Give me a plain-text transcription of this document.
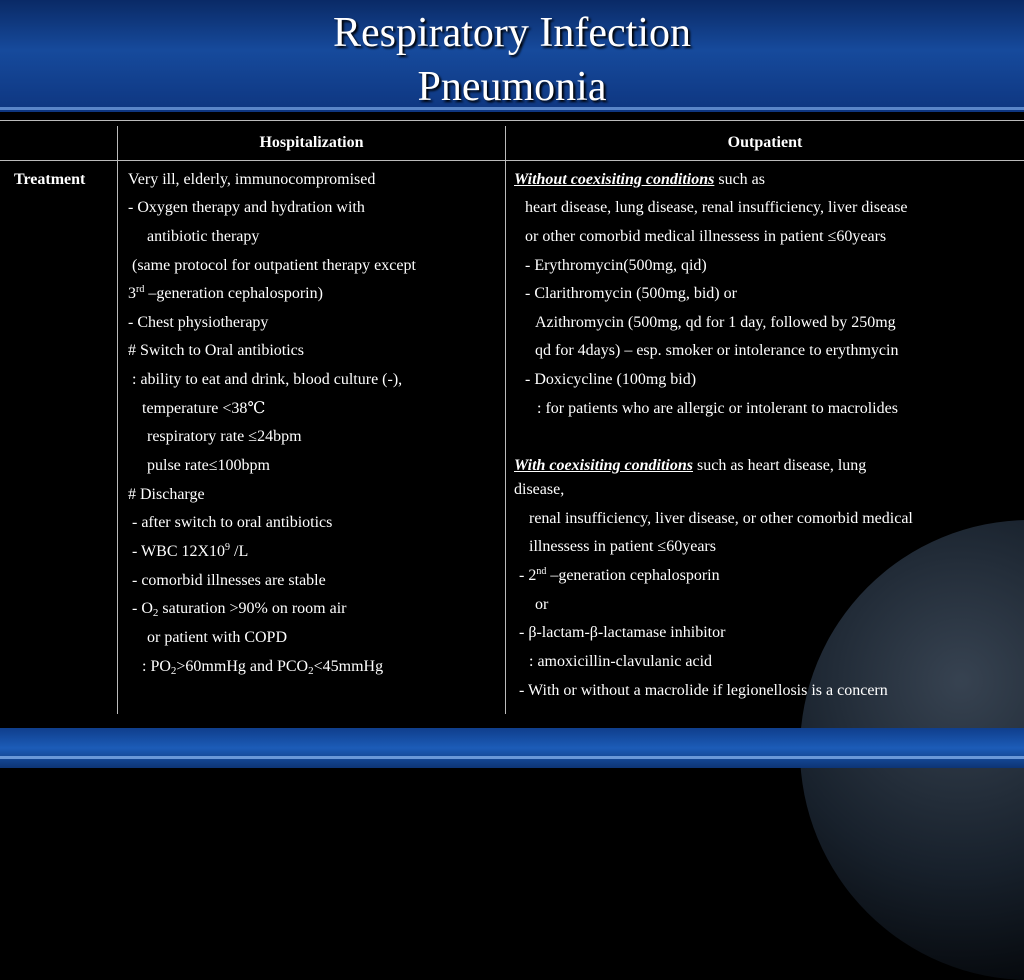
Respiratory Infection
Pneumonia
Hospitalization	Outpatient
Treatment	Very ill, elderly, immunocompromised
- Oxygen therapy and hydration with
antibiotic therapy
(same protocol for outpatient therapy except
3rd –generation cephalosporin)
- Chest physiotherapy
# Switch to Oral antibiotics
: ability to eat and drink, blood culture (-),
temperature <38℃
respiratory rate ≤24bpm
pulse rate≤100bpm
# Discharge
- after switch to oral antibiotics
- WBC $12X10^9$ /L
- comorbid illnesses are stable
- $O_2$ saturation >90% on room air
or patient with COPD
: $PO_2>60mmHg$ and $PCO_2<45mmHg$
Without coexisiting conditions such as
heart disease, lung disease, renal insufficiency, liver disease
or other comorbid medical illnessess in patient ≤60years
- Erythromycin(500mg, qid)
- Clarithromycin (500mg, bid) or
Azithromycin (500mg, qd for 1 day, followed by 250mg
qd for 4days) – esp. smoker or intolerance to erythmycin
- Doxicycline (100mg bid)
: for patients who are allergic or intolerant to macrolides
With coexisiting conditions such as heart disease, lung
disease,
renal insufficiency, liver disease, or other comorbid medical
illnessess in patient ≤60years
- 2nd –generation cephalosporin
or
- β-lactam-β-lactamase inhibitor
: amoxicillin-clavulanic acid
- With or without a macrolide if legionellosis is a concern
